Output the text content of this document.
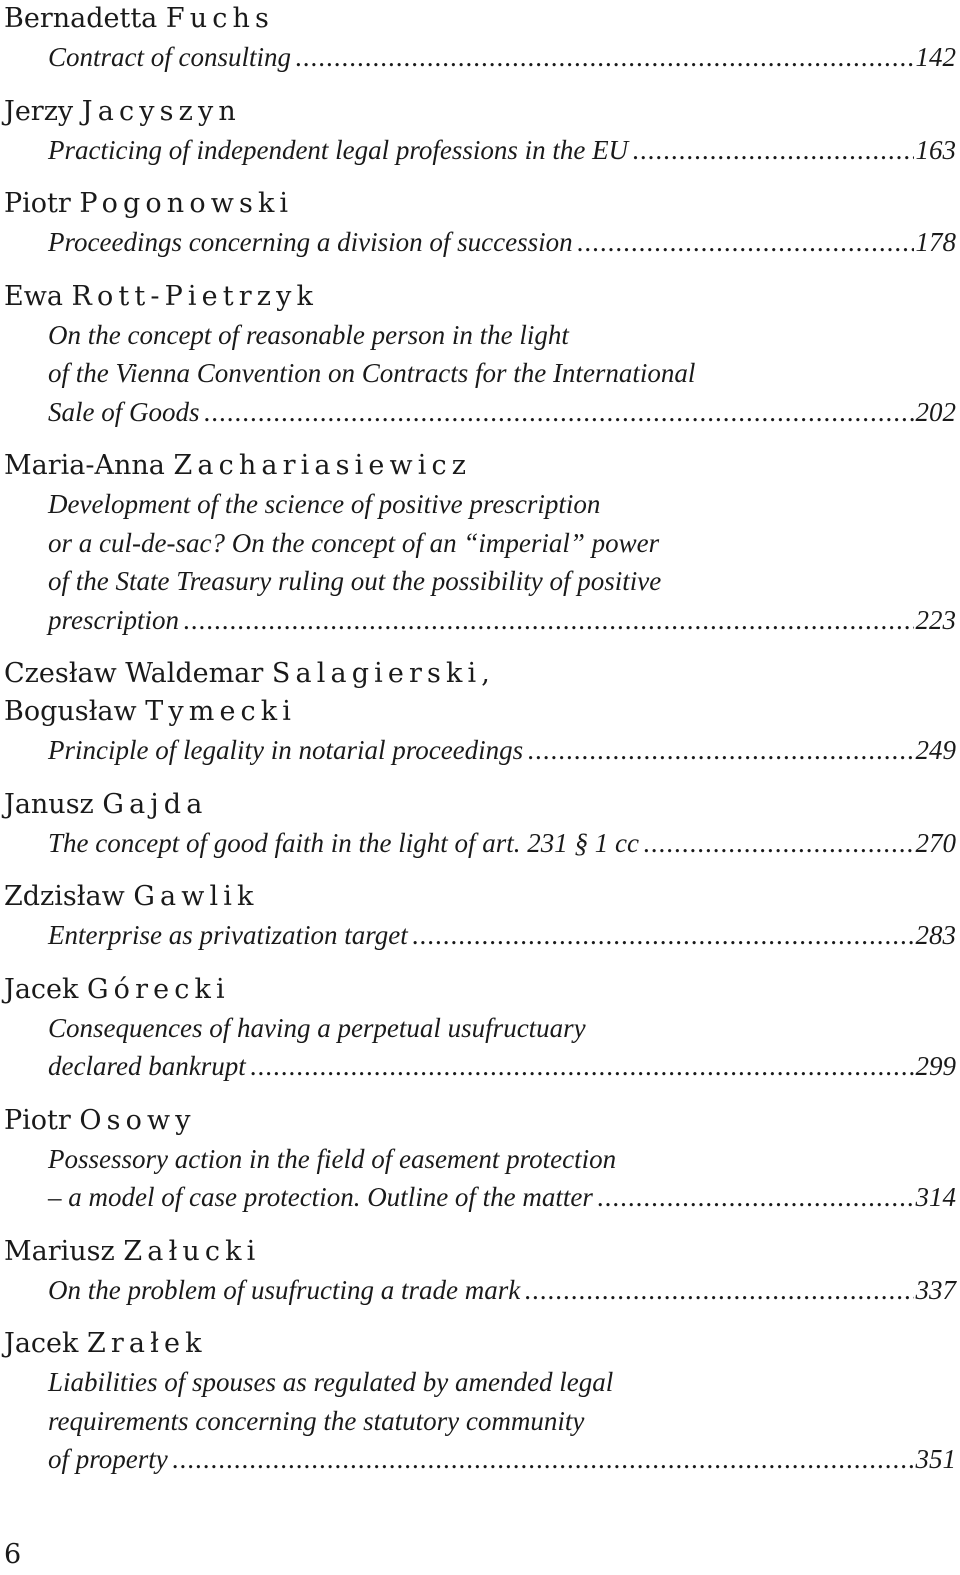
Bernadetta Fuchs
Contract of consulting .....	142
Jerzy Jacyszyn
Practicing of independent legal professions in the EU .....	163
Piotr Pogonowski
Proceedings concerning a division of succession .....	178
Ewa Rott-Pietrzyk
On the concept of reasonable person in the light
of the Vienna Convention on Contracts for the International
Sale of Goods .....	202
Maria-Anna Zachariasiewicz
Development of the science of positive prescription
or a cul-de-sac? On the concept of an “imperial” power
of the State Treasury ruling out the possibility of positive
prescription .....	223
Czesław Waldemar Salagierski,
Bogusław Tymecki
Principle of legality in notarial proceedings .....	249
Janusz Gajda
The concept of good faith in the light of art. 231 § 1 cc .....	270
Zdzisław Gawlik
Enterprise as privatization target .....	283
Jacek Górecki
Consequences of having a perpetual usufructuary
declared bankrupt .....	299
Piotr Osowy
Possessory action in the field of easement protection
– a model of case protection. Outline of the matter .....	314
Mariusz Załucki
On the problem of usufructing a trade mark .....	337
Jacek Zrałek
Liabilities of spouses as regulated by amended legal
requirements concerning the statutory community
of property .....	351
6
